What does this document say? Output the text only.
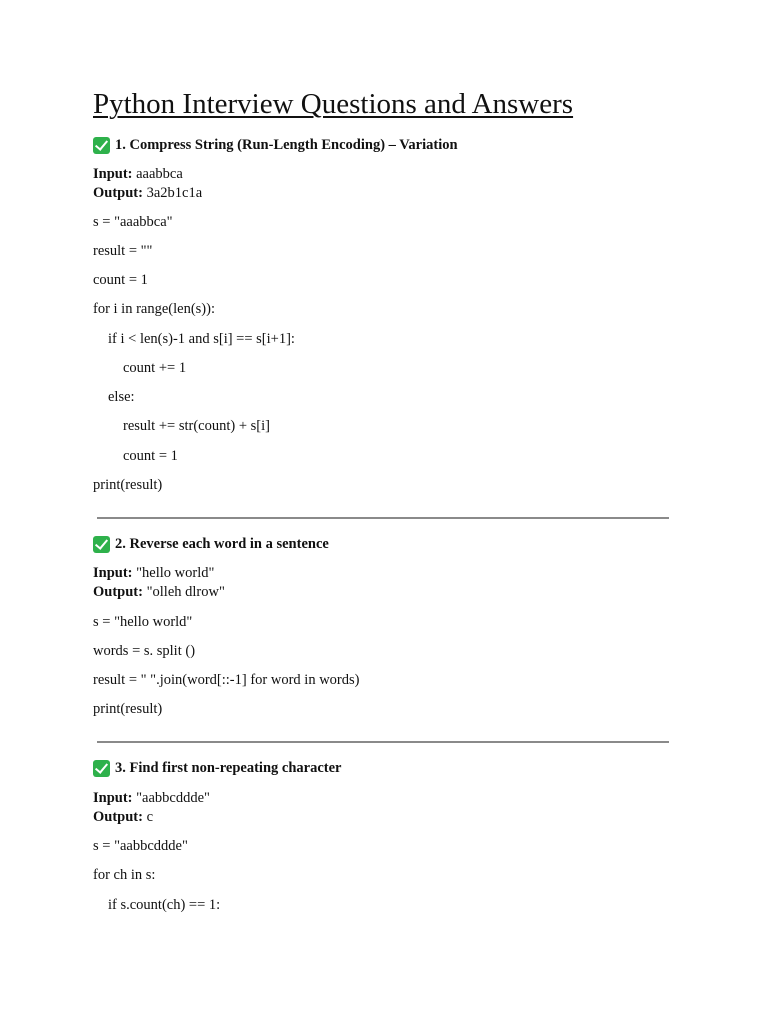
Python Interview Questions and Answers
1. Compress String (Run-Length Encoding) – Variation
Input: aaabbca
Output: 3a2b1c1a
s = "aaabbca"
result = ""
count = 1
for i in range(len(s)):
if i < len(s)-1 and s[i] == s[i+1]:
count += 1
else:
result += str(count) + s[i]
count = 1
print(result)
2. Reverse each word in a sentence
Input: "hello world"
Output: "olleh dlrow"
s = "hello world"
words = s. split ()
result = " ".join(word[::-1] for word in words)
print(result)
3. Find first non-repeating character
Input: "aabbcddde"
Output: c
s = "aabbcddde"
for ch in s:
if s.count(ch) == 1:
